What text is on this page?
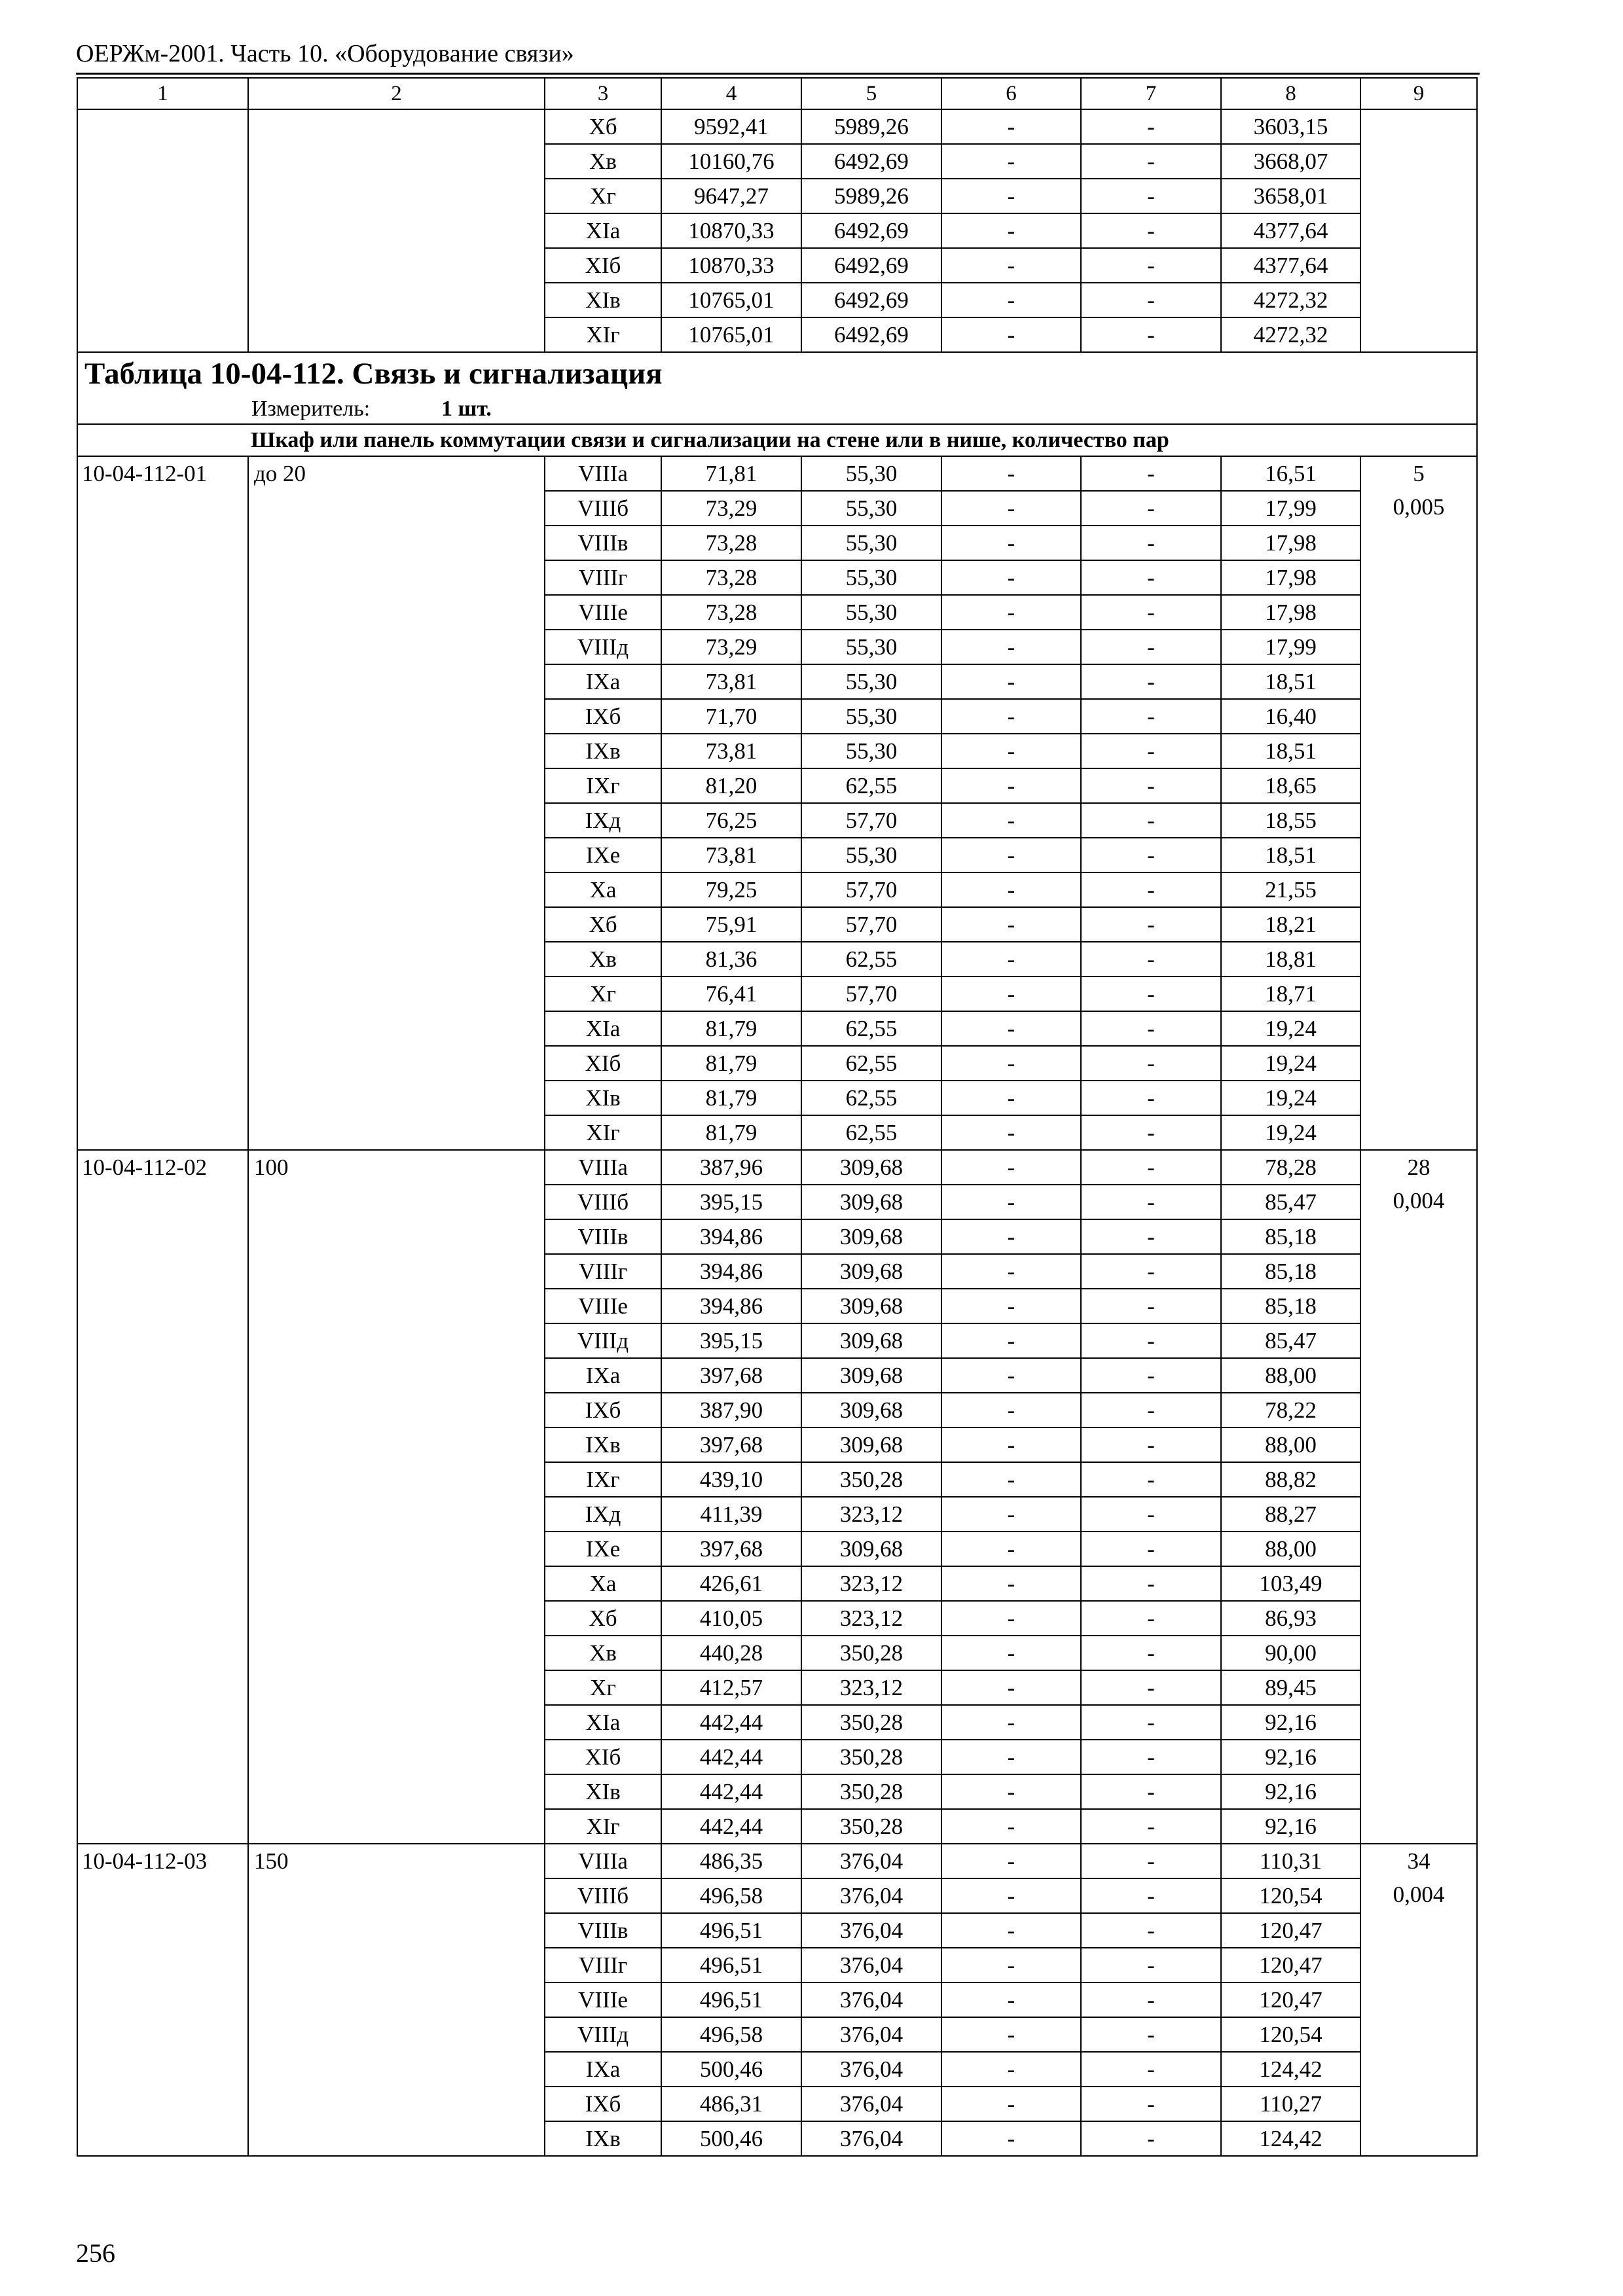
ОЕРЖм-2001. Часть 10. «Оборудование связи»
1	2	3	4	5	6	7	8	9
		Xб	9592,41	5989,26	-	-	3603,15	
		Xв	10160,76	6492,69	-	-	3668,07	
		Xг	9647,27	5989,26	-	-	3658,01	
		XIa	10870,33	6492,69	-	-	4377,64	
		XIб	10870,33	6492,69	-	-	4377,64	
		XIв	10765,01	6492,69	-	-	4272,32	
		XIг	10765,01	6492,69	-	-	4272,32	

Таблица 10-04-112. Связь и сигнализация
Измеритель: 1 шт.								

Шкаф или панель коммутации связи и сигнализации на стене или в нише, количество пар								
10-04-112-01	до 20	VIIIa	71,81	55,30	-	-	16,51	5
0,005

		VIIIб	73,29	55,30	-	-	17,99	
		VIIIв	73,28	55,30	-	-	17,98	
		VIIIг	73,28	55,30	-	-	17,98	
		VIIIe	73,28	55,30	-	-	17,98	
		VIIIд	73,29	55,30	-	-	17,99	
		IXa	73,81	55,30	-	-	18,51	
		IXб	71,70	55,30	-	-	16,40	
		IXв	73,81	55,30	-	-	18,51	
		IXг	81,20	62,55	-	-	18,65	
		IXд	76,25	57,70	-	-	18,55	
		IXe	73,81	55,30	-	-	18,51	
		Xa	79,25	57,70	-	-	21,55	
		Xб	75,91	57,70	-	-	18,21	
		Xв	81,36	62,55	-	-	18,81	
		Xг	76,41	57,70	-	-	18,71	
		XIa	81,79	62,55	-	-	19,24	
		XIб	81,79	62,55	-	-	19,24	
		XIв	81,79	62,55	-	-	19,24	
		XIг	81,79	62,55	-	-	19,24	
10-04-112-02	100	VIIIa	387,96	309,68	-	-	78,28	28
0,004

		VIIIб	395,15	309,68	-	-	85,47	
		VIIIв	394,86	309,68	-	-	85,18	
		VIIIг	394,86	309,68	-	-	85,18	
		VIIIe	394,86	309,68	-	-	85,18	
		VIIIд	395,15	309,68	-	-	85,47	
		IXa	397,68	309,68	-	-	88,00	
		IXб	387,90	309,68	-	-	78,22	
		IXв	397,68	309,68	-	-	88,00	
		IXг	439,10	350,28	-	-	88,82	
		IXд	411,39	323,12	-	-	88,27	
		IXe	397,68	309,68	-	-	88,00	
		Xa	426,61	323,12	-	-	103,49	
		Xб	410,05	323,12	-	-	86,93	
		Xв	440,28	350,28	-	-	90,00	
		Xг	412,57	323,12	-	-	89,45	
		XIa	442,44	350,28	-	-	92,16	
		XIб	442,44	350,28	-	-	92,16	
		XIв	442,44	350,28	-	-	92,16	
		XIг	442,44	350,28	-	-	92,16	
10-04-112-03	150	VIIIa	486,35	376,04	-	-	110,31	34
0,004

		VIIIб	496,58	376,04	-	-	120,54	
		VIIIв	496,51	376,04	-	-	120,47	
		VIIIг	496,51	376,04	-	-	120,47	
		VIIIe	496,51	376,04	-	-	120,47	
		VIIIд	496,58	376,04	-	-	120,54	
		IXa	500,46	376,04	-	-	124,42	
		IXб	486,31	376,04	-	-	110,27	
		IXв	500,46	376,04	-	-	124,42	
256
